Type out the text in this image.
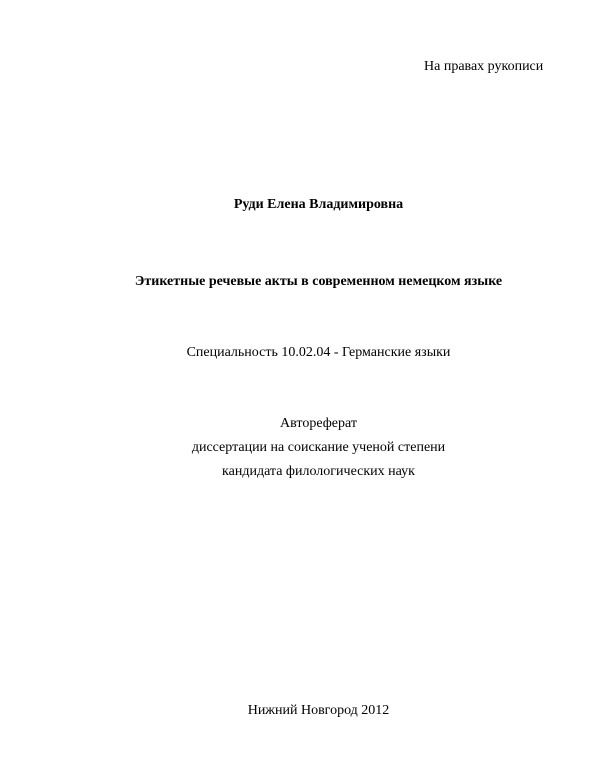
На правах рукописи
Руди Елена Владимировна
Этикетные речевые акты в современном немецком языке
Специальность 10.02.04 - Германские языки
Автореферат
диссертации на соискание ученой степени
кандидата филологических наук
Нижний Новгород 2012
